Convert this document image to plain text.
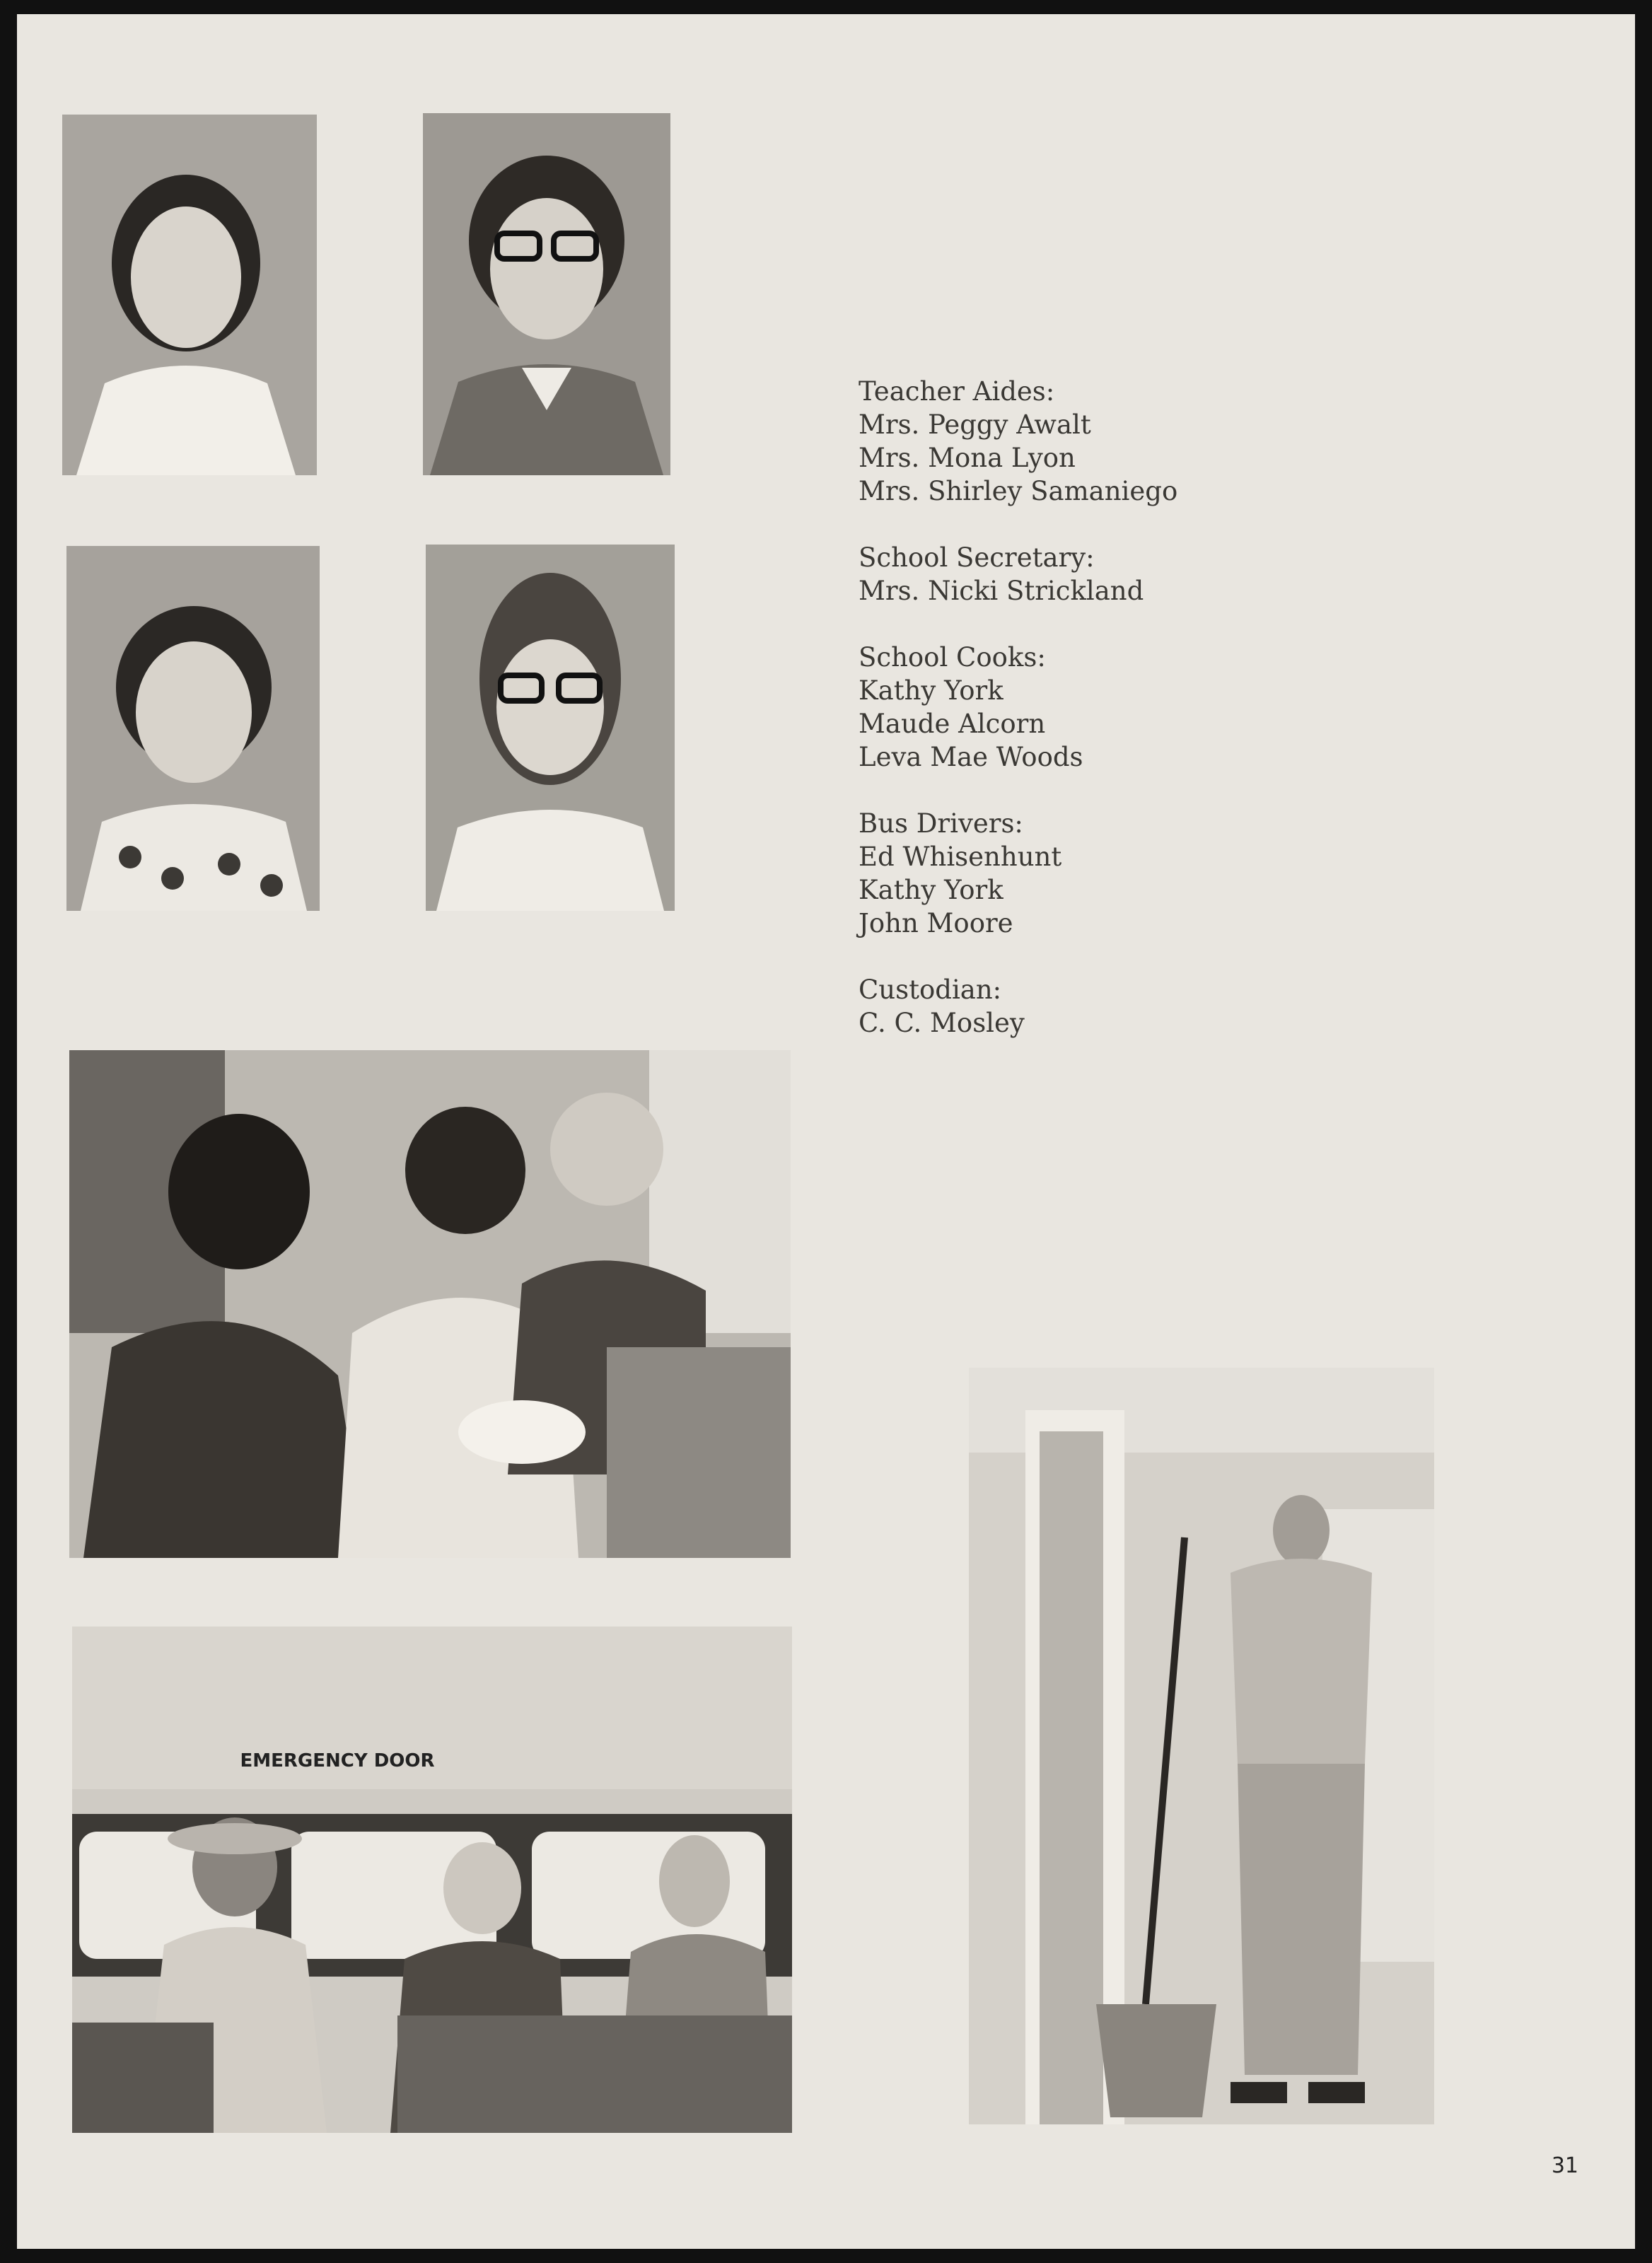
Teacher Aides:
Mrs. Peggy Awalt
Mrs. Mona Lyon
Mrs. Shirley Samaniego
School Secretary:
Mrs. Nicki Strickland
School Cooks:
Kathy York
Maude Alcorn
Leva Mae Woods
Bus Drivers:
Ed Whisenhunt
Kathy York
John Moore
Custodian:
C. C. Mosley
EMERGENCY DOOR
31
